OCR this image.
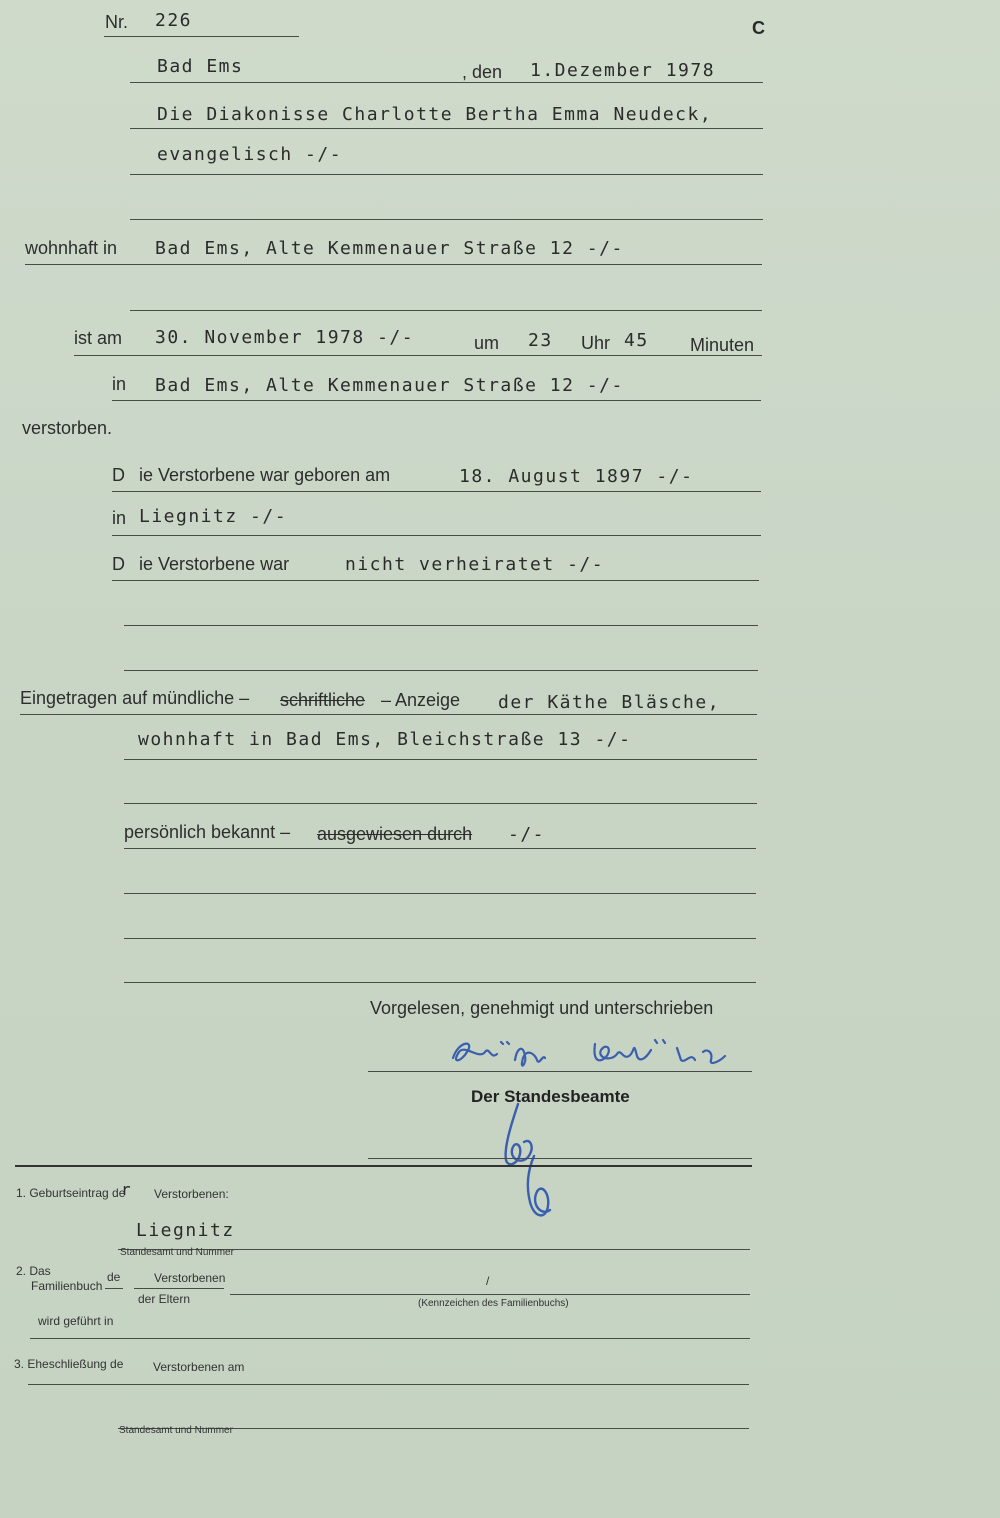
Nr. 226	C
Bad Ems	, den 1.Dezember 1978
Die Diakonisse Charlotte Bertha Emma Neudeck,
evangelisch -/-
wohnhaft in Bad Ems, Alte Kemmenauer Straße 12 -/-
ist am 30. November 1978 -/-	um 23 Uhr 45 Minuten
in Bad Ems, Alte Kemmenauer Straße 12 -/-
verstorben.
D ie Verstorbene war geboren am	18. August 1897 -/-
in Liegnitz -/-
D ie Verstorbene war	nicht verheiratet -/-
Eingetragen auf mündliche – schriftliche – Anzeige der Käthe Bläsche,
wohnhaft in Bad Ems, Bleichstraße 13 -/-
persönlich bekannt – ausgewiesen durch -/-
Vorgelesen, genehmigt und unterschrieben
Der Standesbeamte
1. Geburtseintrag de
r Verstorbenen:
Liegnitz
Standesamt und Nummer
2. Das
Familienbuch
de	Verstorbenen
der Eltern
/
(Kennzeichen des Familienbuchs)
wird geführt in
3. Eheschließung de Verstorbenen am
Standesamt und Nummer
